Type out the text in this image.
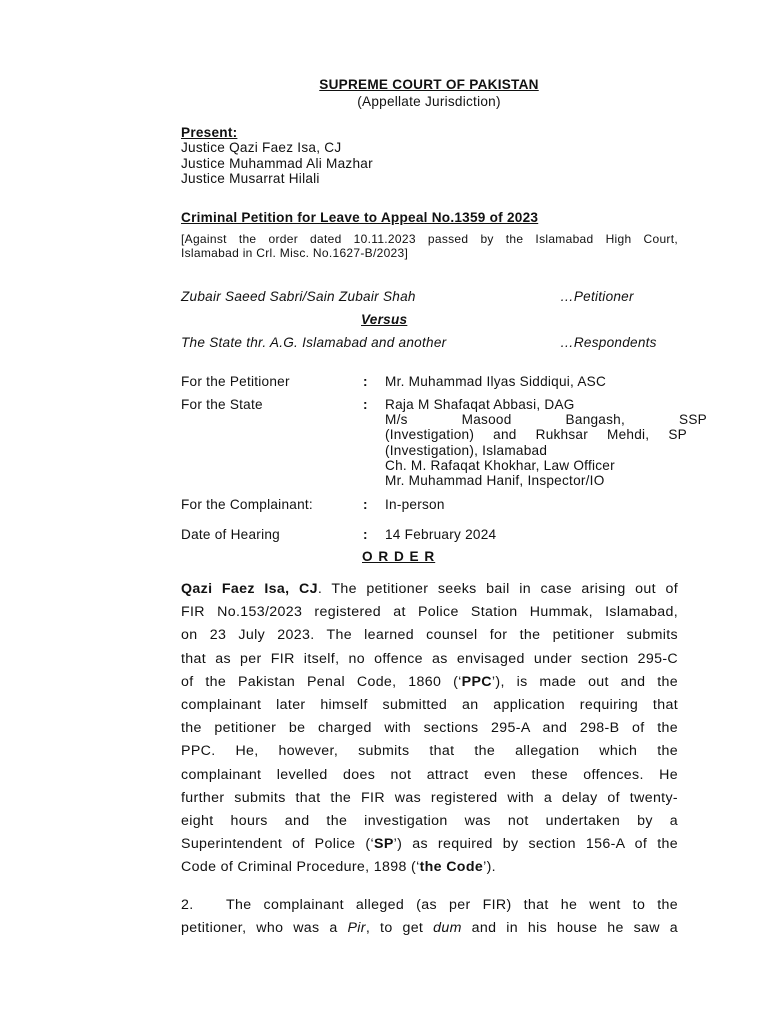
SUPREME COURT OF PAKISTAN
(Appellate Jurisdiction)
Present:
Justice Qazi Faez Isa, CJ
Justice Muhammad Ali Mazhar
Justice Musarrat Hilali
Criminal Petition for Leave to Appeal No.1359 of 2023
[Against the order dated 10.11.2023 passed by the Islamabad High Court,
Islamabad in Crl. Misc. No.1627-B/2023]
Zubair Saeed Sabri/Sain Zubair Shah	…Petitioner
Versus
The State thr. A.G. Islamabad and another	…Respondents
For the Petitioner	: Mr. Muhammad Ilyas Siddiqui, ASC
For the State	: Raja M Shafaqat Abbasi, DAG
M/s Masood Bangash, SSP
(Investigation) and Rukhsar Mehdi, SP
(Investigation), Islamabad
Ch. M. Rafaqat Khokhar, Law Officer
Mr. Muhammad Hanif, Inspector/IO
For the Complainant:	: In-person
Date of Hearing	: 14 February 2024
O R D E R
Qazi Faez Isa, CJ. The petitioner seeks bail in case arising out of
FIR No.153/2023 registered at Police Station Hummak, Islamabad,
on 23 July 2023. The learned counsel for the petitioner submits
that as per FIR itself, no offence as envisaged under section 295-C
of the Pakistan Penal Code, 1860 (‘PPC’), is made out and the
complainant later himself submitted an application requiring that
the petitioner be charged with sections 295-A and 298-B of the
PPC. He, however, submits that the allegation which the
complainant levelled does not attract even these offences. He
further submits that the FIR was registered with a delay of twenty-
eight hours and the investigation was not undertaken by a
Superintendent of Police (‘SP’) as required by section 156-A of the
Code of Criminal Procedure, 1898 (‘the Code’).
2. The complainant alleged (as per FIR) that he went to the
petitioner, who was a Pir, to get dum and in his house he saw a
